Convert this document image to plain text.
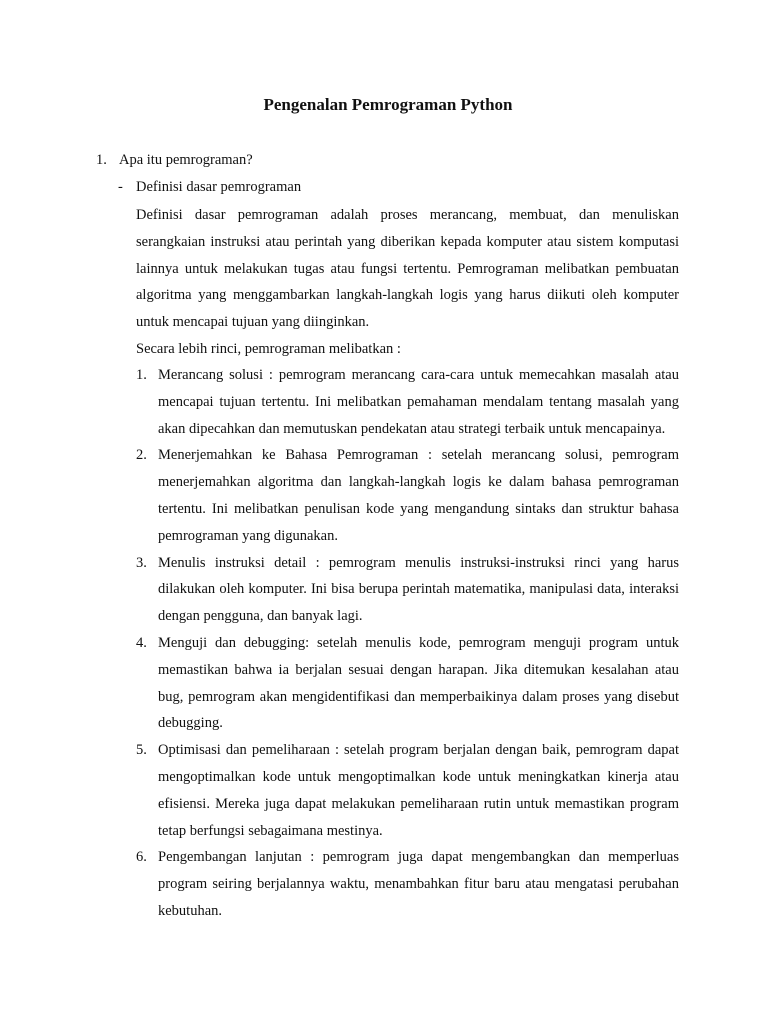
Pengenalan Pemrograman Python
1. Apa itu pemrograman?
- Definisi dasar pemrograman

Definisi dasar pemrograman adalah proses merancang, membuat, dan menuliskan serangkaian instruksi atau perintah yang diberikan kepada komputer atau sistem komputasi lainnya untuk melakukan tugas atau fungsi tertentu. Pemrograman melibatkan pembuatan algoritma yang menggambarkan langkah-langkah logis yang harus diikuti oleh komputer untuk mencapai tujuan yang diinginkan.

Secara lebih rinci, pemrograman melibatkan :
1. Merancang solusi : pemrogram merancang cara-cara untuk memecahkan masalah atau mencapai tujuan tertentu. Ini melibatkan pemahaman mendalam tentang masalah yang akan dipecahkan dan memutuskan pendekatan atau strategi terbaik untuk mencapainya.
2. Menerjemahkan ke Bahasa Pemrograman : setelah merancang solusi, pemrogram menerjemahkan algoritma dan langkah-langkah logis ke dalam bahasa pemrograman tertentu. Ini melibatkan penulisan kode yang mengandung sintaks dan struktur bahasa pemrograman yang digunakan.
3. Menulis instruksi detail : pemrogram menulis instruksi-instruksi rinci yang harus dilakukan oleh komputer. Ini bisa berupa perintah matematika, manipulasi data, interaksi dengan pengguna, dan banyak lagi.
4. Menguji dan debugging: setelah menulis kode, pemrogram menguji program untuk memastikan bahwa ia berjalan sesuai dengan harapan. Jika ditemukan kesalahan atau bug, pemrogram akan mengidentifikasi dan memperbaikinya dalam proses yang disebut debugging.
5. Optimisasi dan pemeliharaan : setelah program berjalan dengan baik, pemrogram dapat mengoptimalkan kode untuk mengoptimalkan kode untuk meningkatkan kinerja atau efisiensi. Mereka juga dapat melakukan pemeliharaan rutin untuk memastikan program tetap berfungsi sebagaimana mestinya.
6. Pengembangan lanjutan : pemrogram juga dapat mengembangkan dan memperluas program seiring berjalannya waktu, menambahkan fitur baru atau mengatasi perubahan kebutuhan.
